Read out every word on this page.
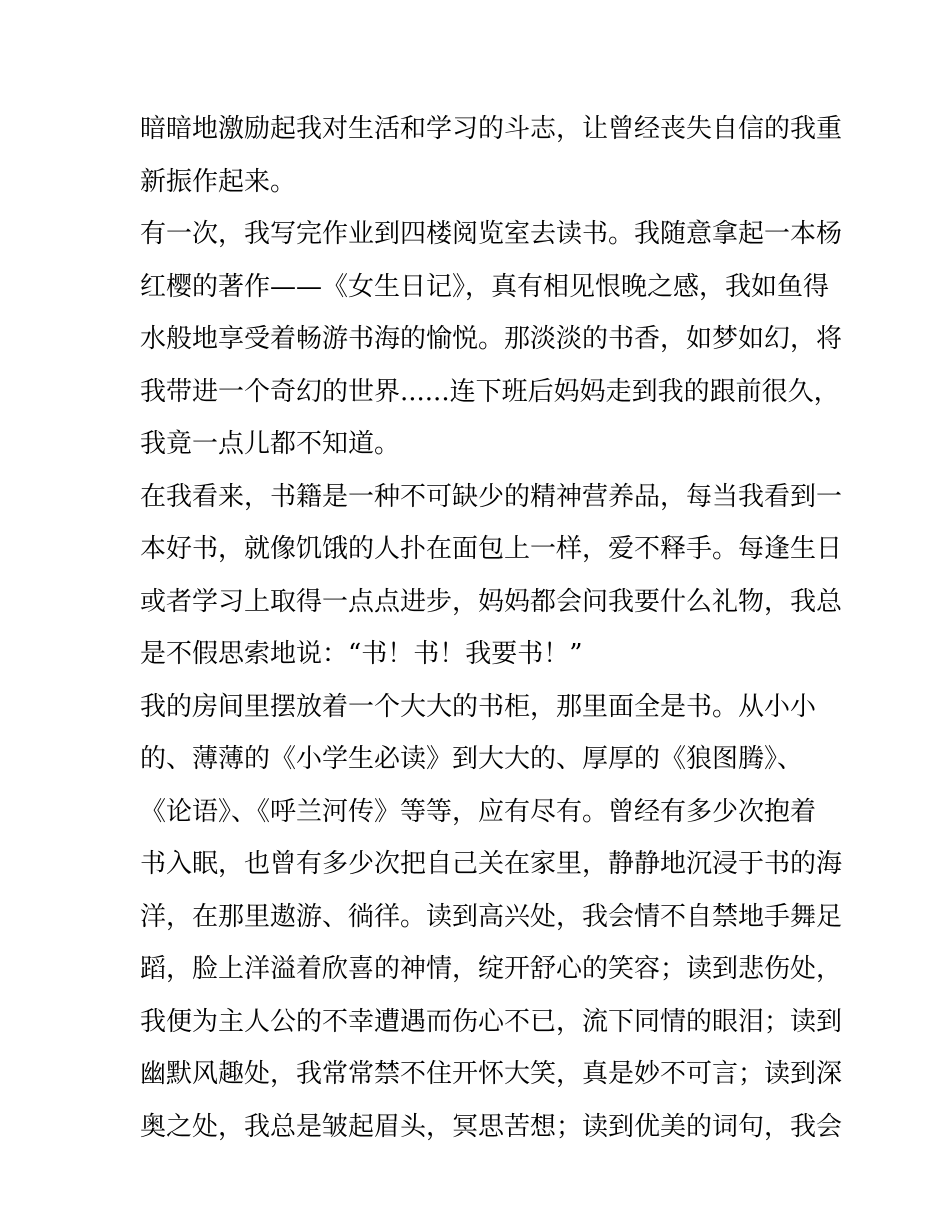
暗暗地激励起我对生活和学习的斗志，让曾经丧失自信的我重
新振作起来。
有一次，我写完作业到四楼阅览室去读书。我随意拿起一本杨
红樱的著作——《女生日记》，真有相见恨晚之感，我如鱼得
水般地享受着畅游书海的愉悦。那淡淡的书香，如梦如幻，将
我带进一个奇幻的世界......连下班后妈妈走到我的跟前很久，
我竟一点儿都不知道。
在我看来，书籍是一种不可缺少的精神营养品，每当我看到一
本好书，就像饥饿的人扑在面包上一样，爱不释手。每逢生日
或者学习上取得一点点进步，妈妈都会问我要什么礼物，我总
是不假思索地说：“书！书！我要书！”
我的房间里摆放着一个大大的书柜，那里面全是书。从小小
的、薄薄的《小学生必读》到大大的、厚厚的《狼图腾》、
《论语》、《呼兰河传》等等，应有尽有。曾经有多少次抱着
书入眠，也曾有多少次把自己关在家里，静静地沉浸于书的海
洋，在那里遨游、徜徉。读到高兴处，我会情不自禁地手舞足
蹈，脸上洋溢着欣喜的神情，绽开舒心的笑容；读到悲伤处，
我便为主人公的不幸遭遇而伤心不已，流下同情的眼泪；读到
幽默风趣处，我常常禁不住开怀大笑，真是妙不可言；读到深
奥之处，我总是皱起眉头，冥思苦想；读到优美的词句，我会
